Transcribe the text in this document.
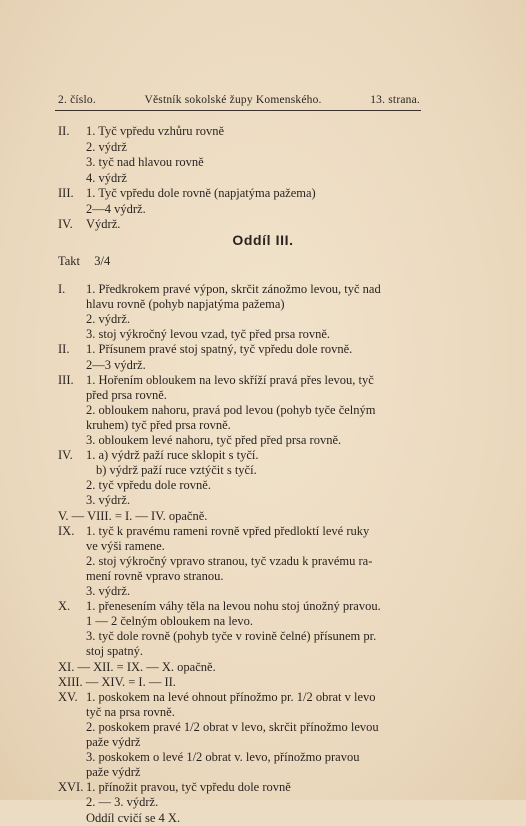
2. číslo.	Věstník sokolské župy Komenského.	13. strana.
II. 1. Tyč vpředu vzhůru rovně
2. výdrž
3. tyč nad hlavou rovně
4. výdrž
III. 1. Tyč vpředu dole rovně (napjatýma pažema)
2—4 výdrž.
IV. Výdrž.
Oddíl III.
Takt 3/4
I. 1. Předkrokem pravé výpon, skrčit zánožmo levou, tyč nad
hlavu rovně (pohyb napjatýma pažema)
2. výdrž.
3. stoj výkročný levou vzad, tyč před prsa rovně.
II. 1. Přísunem pravé stoj spatný, tyč vpředu dole rovně.
2—3 výdrž.
III. 1. Hořením obloukem na levo skříží pravá přes levou, tyč
před prsa rovně.
2. obloukem nahoru, pravá pod levou (pohyb tyče čelným
kruhem) tyč před prsa rovně.
3. obloukem levé nahoru, tyč před před prsa rovně.
IV. 1. a) výdrž paží ruce sklopit s tyčí.
b) výdrž paží ruce vztýčit s tyčí.
2. tyč vpředu dole rovně.
3. výdrž.
V. — VIII. = I. — IV. opačně.
IX. 1. tyč k pravému rameni rovně vpřed předloktí levé ruky
ve výši ramene.
2. stoj výkročný vpravo stranou, tyč vzadu k pravému ra-
mení rovně vpravo stranou.
3. výdrž.
X. 1. přenesením váhy těla na levou nohu stoj únožný pravou.
1 — 2 čelným obloukem na levo.
3. tyč dole rovně (pohyb tyče v rovině čelné) přísunem pr.
stoj spatný.
XI. — XII. = IX. — X. opačně.
XIII. — XIV. = I. — II.
XV. 1. poskokem na levé ohnout přínožmo pr. 1/2 obrat v levo
tyč na prsa rovně.
2. poskokem pravé 1/2 obrat v levo, skrčit přínožmo levou
paže výdrž
3. poskokem o levé 1/2 obrat v. levo, přínožmo pravou
paže výdrž
XVI. 1. přínožit pravou, tyč vpředu dole rovně
2. — 3. výdrž.
Oddíl cvičí se 4 X.
